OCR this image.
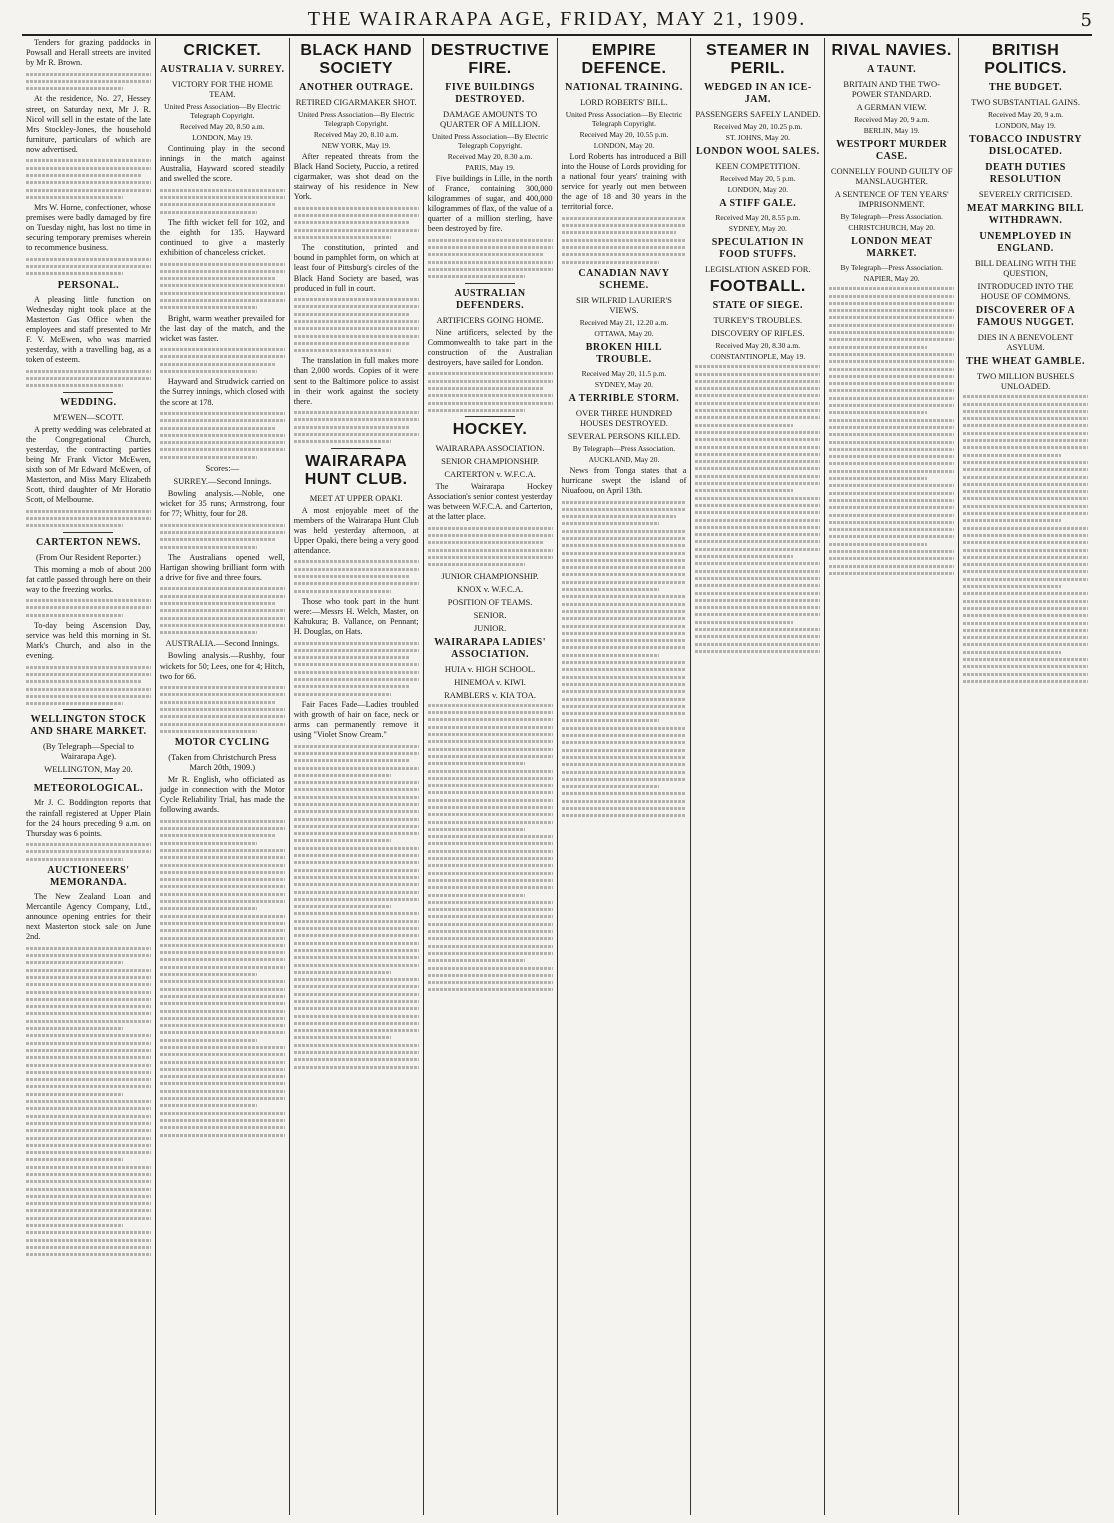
THE WAIRARAPA AGE, FRIDAY, MAY 21, 1909.	5

Tenders for grazing paddocks in Powsall and Herall streets are invited by Mr R. Brown.

At the residence, No. 27, Hessey street, on Saturday next, Mr J. R. Nicol will sell in the estate of the late Mrs Stockley-Jones, the household furniture, particulars of which are now advertised.

Mrs W. Horne, confectioner, whose premises were badly damaged by fire on Tuesday night, has lost no time in securing temporary premises wherein to recommence business.

PERSONAL.

A pleasing little function on Wednesday night took place at the Masterton Gas Office when the employees and staff presented to Mr F. V. McEwen, who was married yesterday, with a travelling bag, as a token of esteem.

WEDDING.
M'EWEN—SCOTT.

A pretty wedding was celebrated at the Congregational Church, yesterday, the contracting parties being Mr Frank Victor McEwen, sixth son of Mr Edward McEwen, of Masterton, and Miss Mary Elizabeth Scott, third daughter of Mr Horatio Scott, of Melbourne.

CARTERTON NEWS.
(From Our Resident Reporter.)

This morning a mob of about 200 fat cattle passed through here on their way to the freezing works.

To-day being Ascension Day, service was held this morning in St. Mark's Church, and also in the evening.

WELLINGTON STOCK AND SHARE MARKET.
(By Telegraph—Special to Wairarapa Age).
WELLINGTON, May 20.
METEOROLOGICAL.

Mr J. C. Boddington reports that the rainfall registered at Upper Plain for the 24 hours preceding 9 a.m. on Thursday was 6 points.

AUCTIONEERS' MEMORANDA.

The New Zealand Loan and Mercantile Agency Company, Ltd., announce opening entries for their next Masterton stock sale on June 2nd.

CRICKET.
AUSTRALIA V. SURREY.
VICTORY FOR THE HOME TEAM.
United Press Association—By Electric Telegraph Copyright.
Received May 20, 8.50 a.m.
LONDON, May 19.

Continuing play in the second innings in the match against Australia, Hayward scored steadily and swelled the score.

The fifth wicket fell for 102, and the eighth for 135. Hayward continued to give a masterly exhibition of chanceless cricket.

Bright, warm weather prevailed for the last day of the match, and the wicket was faster.

Hayward and Strudwick carried on the Surrey innings, which closed with the score at 178.

Scores:—
SURREY.—Second Innings.

Bowling analysis.—Noble, one wicket for 35 runs; Armstrong, four for 77; Whitty, four for 28.

The Australians opened well, Hartigan showing brilliant form with a drive for five and three fours.

AUSTRALIA.—Second Innings.

Bowling analysis.—Rushby, four wickets for 50; Lees, one for 4; Hitch, two for 66.

MOTOR CYCLING
(Taken from Christchurch Press March 20th, 1909.)

Mr R. English, who officiated as judge in connection with the Motor Cycle Reliability Trial, has made the following awards.

BLACK HAND SOCIETY
ANOTHER OUTRAGE.
RETIRED CIGARMAKER SHOT.
United Press Association—By Electric Telegraph Copyright.
Received May 20, 8.10 a.m.
NEW YORK, May 19.

After repeated threats from the Black Hand Society, Puccio, a retired cigarmaker, was shot dead on the stairway of his residence in New York.

The constitution, printed and bound in pamphlet form, on which at least four of Pittsburg's circles of the Black Hand Society are based, was produced in full in court.

The translation in full makes more than 2,000 words. Copies of it were sent to the Baltimore police to assist in their work against the society there.

WAIRARAPA HUNT CLUB.
MEET AT UPPER OPAKI.

A most enjoyable meet of the members of the Wairarapa Hunt Club was held yesterday afternoon, at Upper Opaki, there being a very good attendance.

Those who took part in the hunt were:—Messrs H. Welch, Master, on Kahukura; B. Vallance, on Pennant; H. Douglas, on Hats.

Fair Faces Fade—Ladies troubled with growth of hair on face, neck or arms can permanently remove it using "Violet Snow Cream."

DESTRUCTIVE FIRE.
FIVE BUILDINGS DESTROYED.
DAMAGE AMOUNTS TO QUARTER OF A MILLION.
United Press Association—By Electric Telegraph Copyright.
Received May 20, 8.30 a.m.
PARIS, May 19.

Five buildings in Lille, in the north of France, containing 300,000 kilogrammes of sugar, and 400,000 kilogrammes of flax, of the value of a quarter of a million sterling, have been destroyed by fire.

AUSTRALIAN DEFENDERS.
ARTIFICERS GOING HOME.

Nine artificers, selected by the Commonwealth to take part in the construction of the Australian destroyers, have sailed for London.

HOCKEY.
WAIRARAPA ASSOCIATION.
SENIOR CHAMPIONSHIP.
CARTERTON v. W.F.C.A.

The Wairarapa Hockey Association's senior contest yesterday was between W.F.C.A. and Carterton, at the latter place.

JUNIOR CHAMPIONSHIP.
KNOX v. W.F.C.A.
POSITION OF TEAMS.
SENIOR.
JUNIOR.
WAIRARAPA LADIES' ASSOCIATION.
HUIA v. HIGH SCHOOL.
HINEMOA v. KIWI.
RAMBLERS v. KIA TOA.
EMPIRE DEFENCE.
NATIONAL TRAINING.
LORD ROBERTS' BILL.
United Press Association—By Electric Telegraph Copyright.
Received May 20, 10.55 p.m.
LONDON, May 20.

Lord Roberts has introduced a Bill into the House of Lords providing for a national four years' training with service for yearly out men between the age of 18 and 30 years in the territorial force.

CANADIAN NAVY SCHEME.
SIR WILFRID LAURIER'S VIEWS.
Received May 21, 12.20 a.m.
OTTAWA, May 20.
BROKEN HILL TROUBLE.
Received May 20, 11.5 p.m.
SYDNEY, May 20.
A TERRIBLE STORM.
OVER THREE HUNDRED HOUSES DESTROYED.
SEVERAL PERSONS KILLED.
By Telegraph—Press Association.
AUCKLAND, May 20.

News from Tonga states that a hurricane swept the island of Niuafoou, on April 13th.

STEAMER IN PERIL.
WEDGED IN AN ICE-JAM.
PASSENGERS SAFELY LANDED.
Received May 20, 10.25 p.m.
ST. JOHNS, May 20.
LONDON WOOL SALES.
KEEN COMPETITION.
Received May 20, 5 p.m.
LONDON, May 20.
A STIFF GALE.
Received May 20, 8.55 p.m.
SYDNEY, May 20.
SPECULATION IN FOOD STUFFS.
LEGISLATION ASKED FOR.
FOOTBALL.
STATE OF SIEGE.
TURKEY'S TROUBLES.
DISCOVERY OF RIFLES.
Received May 20, 8.30 a.m.
CONSTANTINOPLE, May 19.
RIVAL NAVIES.
A TAUNT.
BRITAIN AND THE TWO-POWER STANDARD.
A GERMAN VIEW.
Received May 20, 9 a.m.
BERLIN, May 19.
WESTPORT MURDER CASE.
CONNELLY FOUND GUILTY OF MANSLAUGHTER.
A SENTENCE OF TEN YEARS' IMPRISONMENT.
By Telegraph—Press Association.
CHRISTCHURCH, May 20.
LONDON MEAT MARKET.
By Telegraph—Press Association.
NAPIER, May 20.
BRITISH POLITICS.
THE BUDGET.
TWO SUBSTANTIAL GAINS.
Received May 20, 9 a.m.
LONDON, May 19.
TOBACCO INDUSTRY DISLOCATED.
DEATH DUTIES RESOLUTION
SEVERELY CRITICISED.
MEAT MARKING BILL WITHDRAWN.
UNEMPLOYED IN ENGLAND.
BILL DEALING WITH THE QUESTION,
INTRODUCED INTO THE HOUSE OF COMMONS.
DISCOVERER OF A FAMOUS NUGGET.
DIES IN A BENEVOLENT ASYLUM.
THE WHEAT GAMBLE.
TWO MILLION BUSHELS UNLOADED.
